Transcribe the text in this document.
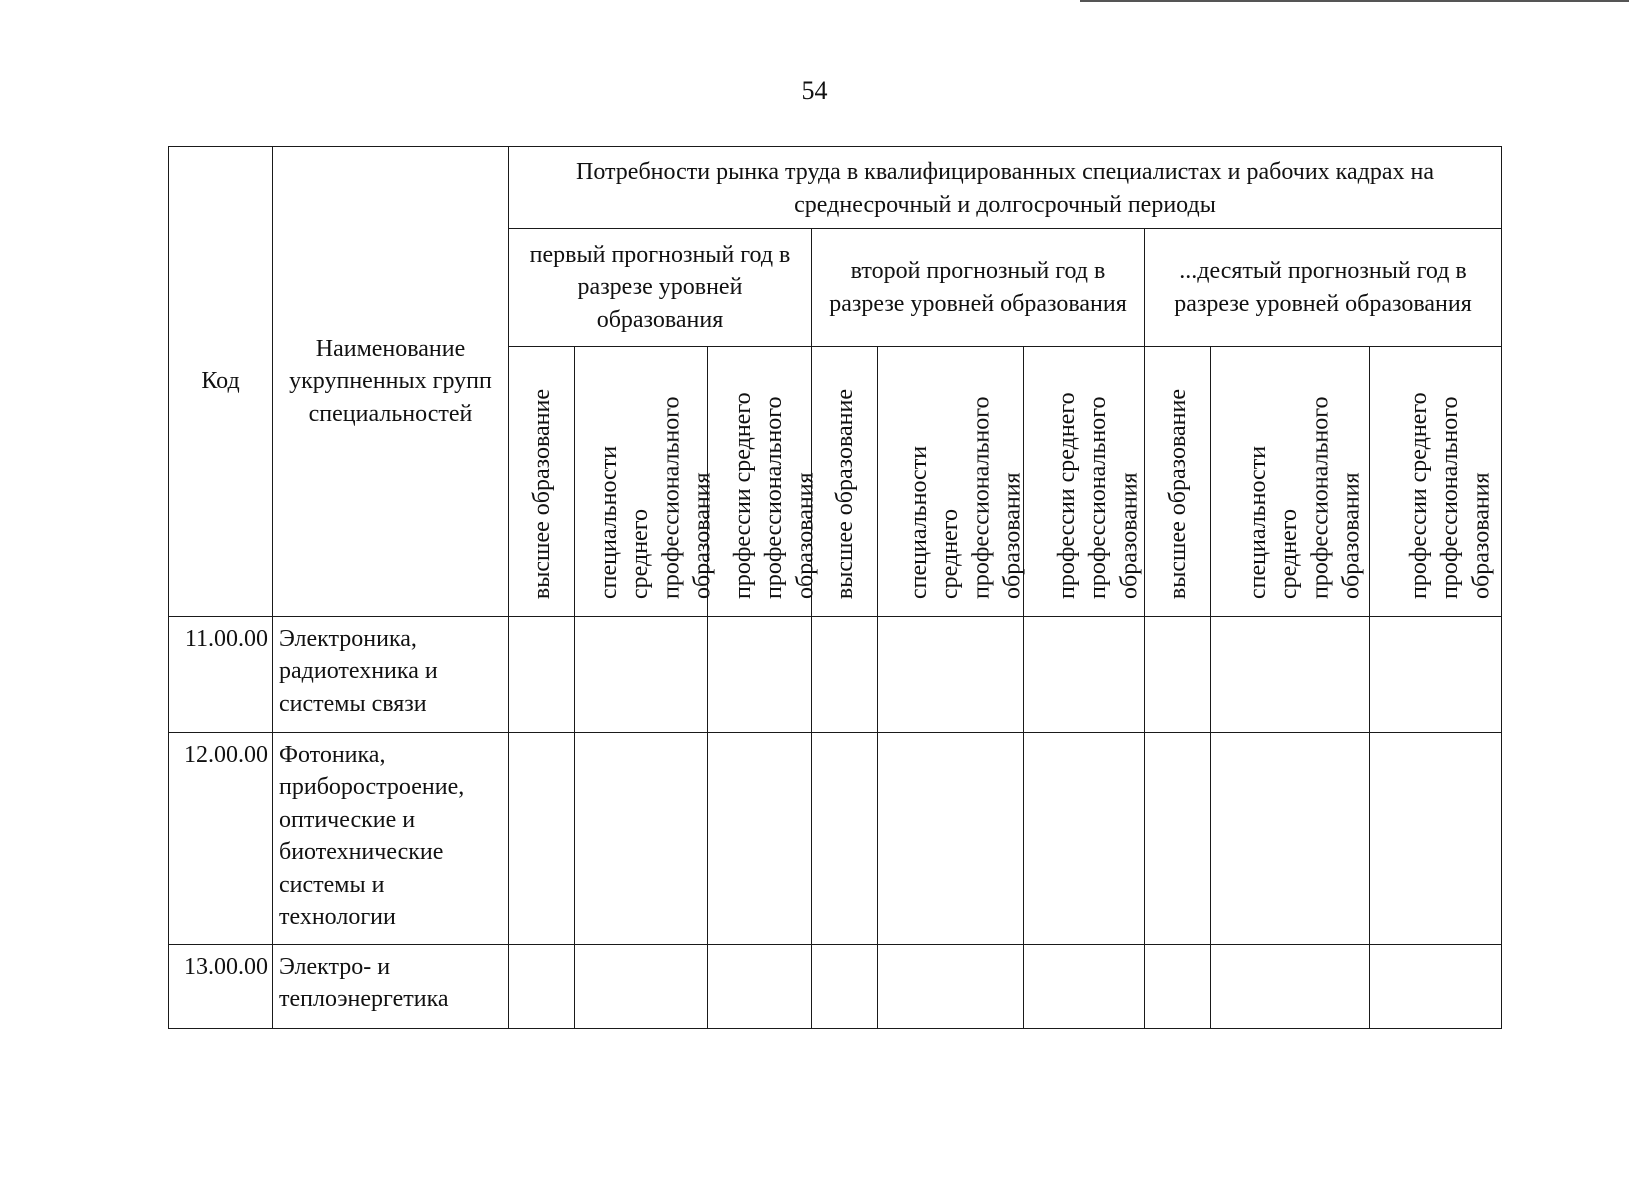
54
Код	Наименование укрупненных групп специальностей	Потребности рынка труда в квалифицированных специалистах и рабочих кадрах на среднесрочный и долгосрочный периоды								
		первый прогнозный год в разрезе уровней образования			второй прогнозный год в разрезе уровней образования			...десятый прогнозный год в разрезе уровней образования		
		высшее образование	специальности среднего профессионального образования	профессии среднего профессионального образования	высшее образование	специальности среднего профессионального образования	профессии среднего профессионального образования	высшее образование	специальности среднего профессионального образования	профессии среднего профессионального образования
11.00.00	Электроника, радиотехника и системы связи									
12.00.00	Фотоника, приборостроение, оптические и биотехнические системы и технологии									
13.00.00	Электро- и теплоэнергетика									
